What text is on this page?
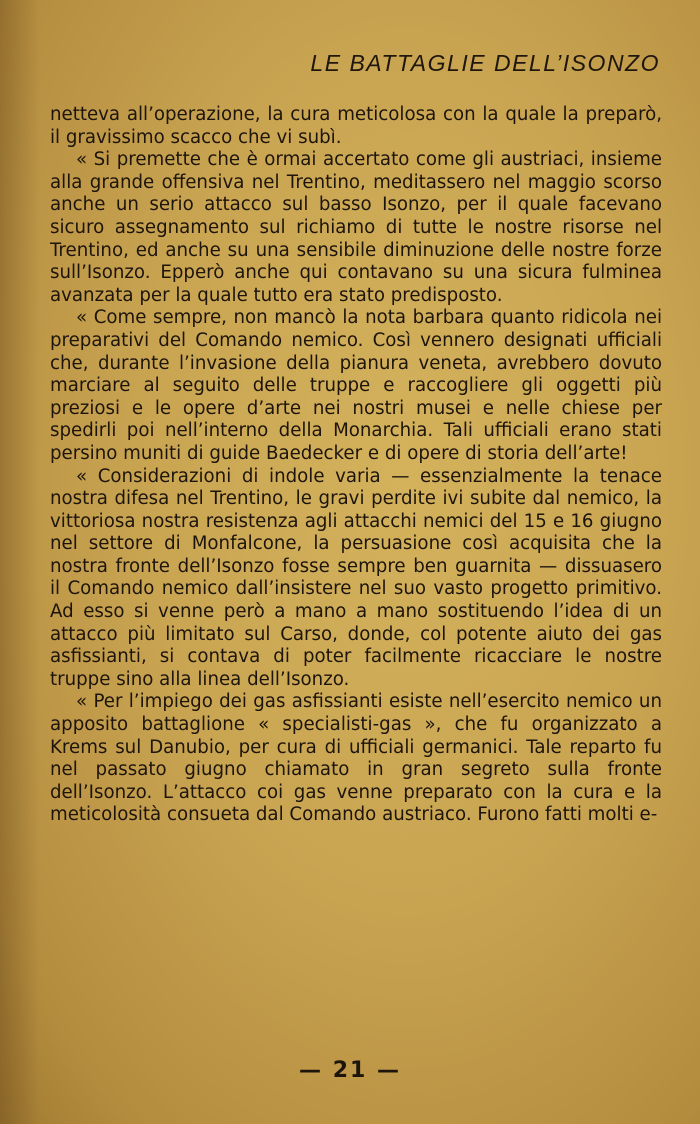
LE BATTAGLIE DELL’ISONZO

netteva all’operazione, la cura meticolosa con la quale la preparò, il gravissimo scacco che vi subì.

« Si premette che è ormai accertato come gli austriaci, insieme alla grande offensiva nel Trentino, meditassero nel maggio scorso anche un serio attacco sul basso Isonzo, per il quale facevano sicuro assegnamento sul richiamo di tutte le nostre risorse nel Trentino, ed anche su una sensibile diminuzione delle nostre forze sull’Isonzo. Epperò anche qui contavano su una sicura fulminea avanzata per la quale tutto era stato predisposto.

« Come sempre, non mancò la nota barbara quanto ridicola nei preparativi del Comando nemico. Così vennero designati ufficiali che, durante l’invasione della pianura veneta, avrebbero dovuto marciare al seguito delle truppe e raccogliere gli oggetti più preziosi e le opere d’arte nei nostri musei e nelle chiese per spedirli poi nell’interno della Monarchia. Tali ufficiali erano stati persino muniti di guide Baedecker e di opere di storia dell’arte!

« Considerazioni di indole varia — essenzialmente la tenace nostra difesa nel Trentino, le gravi perdite ivi subite dal nemico, la vittoriosa nostra resistenza agli attacchi nemici del 15 e 16 giugno nel settore di Monfalcone, la persuasione così acquisita che la nostra fronte dell’Isonzo fosse sempre ben guarnita — dissuasero il Comando nemico dall’insistere nel suo vasto progetto primitivo. Ad esso si venne però a mano a mano sostituendo l’idea di un attacco più limitato sul Carso, donde, col potente aiuto dei gas asfissianti, si contava di poter facilmente ricacciare le nostre truppe sino alla linea dell’Isonzo.

« Per l’impiego dei gas asfissianti esiste nell’esercito nemico un apposito battaglione « specialisti-gas », che fu organizzato a Krems sul Danubio, per cura di ufficiali germanici. Tale reparto fu nel passato giugno chiamato in gran segreto sulla fronte dell’Isonzo. L’attacco coi gas venne preparato con la cura e la meticolosità consueta dal Comando austriaco. Furono fatti molti e-

— 21 —
